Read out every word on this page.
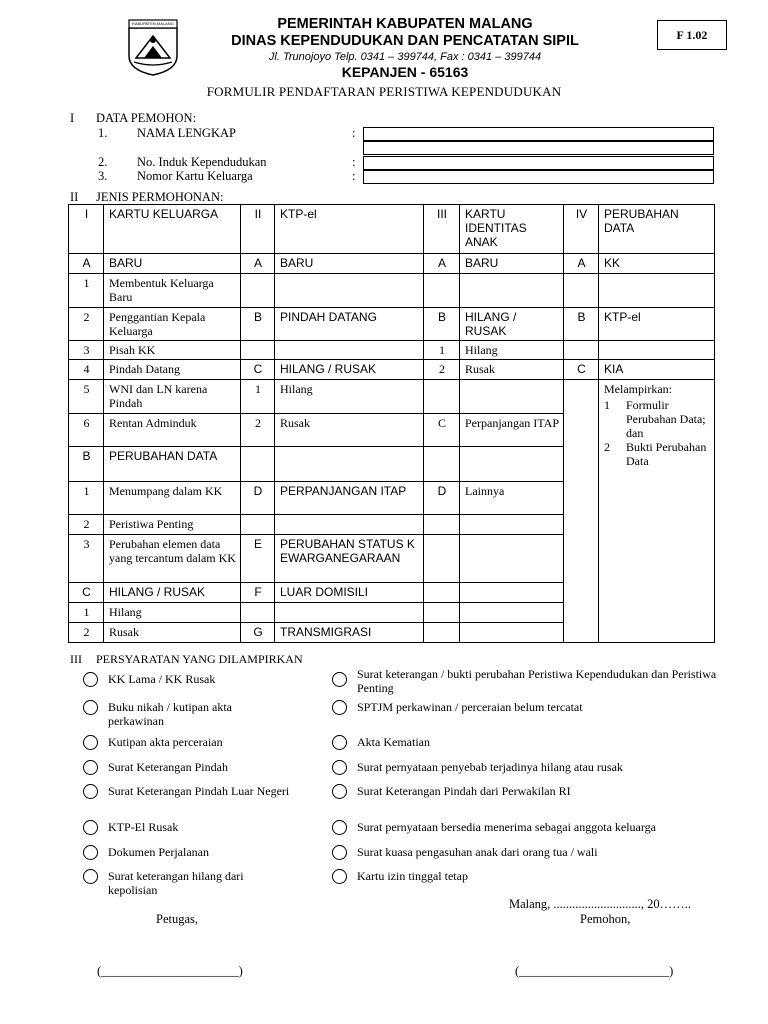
KABUPATEN MALANG	PEMERINTAH KABUPATEN MALANG
DINAS KEPENDUDUKAN DAN PENCATATAN SIPIL
Jl. Trunojoyo Telp. 0341 – 399744, Fax : 0341 – 399744
KEPANJEN - 65163
F 1.02
FORMULIR PENDAFTARAN PERISTIWA KEPENDUDUKAN
I DATA PEMOHON:
1. NAMA LENGKAP	:
2. No. Induk Kependudukan	:
3. Nomor Kartu Keluarga	:
II JENIS PERMOHONAN:
I	KARTU KELUARGA	II	KTP-el	III	KARTU IDENTITAS ANAK	IV	PERUBAHAN DATA
A	BARU	A	BARU	A	BARU	A	KK
1	Membentuk Keluarga Baru						
2	Penggantian Kepala Keluarga	B	PINDAH DATANG	B	HILANG / RUSAK	B	KTP-el
3	Pisah KK			1	Hilang		
4	Pindah Datang	C	HILANG / RUSAK	2	Rusak	C	KIA
5	WNI dan LN karena Pindah	1	Hilang				Melampirkan:
1 Formulir Perubahan Data; dan
2 Bukti Perubahan Data

6	Rentan Adminduk	2	Rusak	C	Perpanjangan ITAP		
B	PERUBAHAN DATA						
1	Menumpang dalam KK	D	PERPANJANGAN ITAP	D	Lainnya		
2	Peristiwa Penting						
3	Perubahan elemen data yang tercantum dalam KK	E	PERUBAHAN STATUS KEWARGANEGARAAN				
C	HILANG / RUSAK	F	LUAR DOMISILI				
1	Hilang						
2	Rusak	G	TRANSMIGRASI				
III PERSYARATAN YANG DILAMPIRKAN
KK Lama / KK Rusak
Buku nikah / kutipan akta perkawinan
Kutipan akta perceraian
Surat Keterangan Pindah
Surat Keterangan Pindah Luar Negeri
KTP-El Rusak
Dokumen Perjalanan
Surat keterangan hilang dari kepolisian
Surat keterangan / bukti perubahan Peristiwa Kependudukan dan Peristiwa Penting
SPTJM perkawinan / perceraian belum tercatat
Akta Kematian
Surat pernyataan penyebab terjadinya hilang atau rusak
Surat Keterangan Pindah dari Perwakilan RI
Surat pernyataan bersedia menerima sebagai anggota keluarga
Surat kuasa pengasuhan anak dari orang tua / wali
Kartu izin tinggal tetap
Malang, ............................, 20……..
Petugas,	Pemohon,
(______________________)	(________________________)
